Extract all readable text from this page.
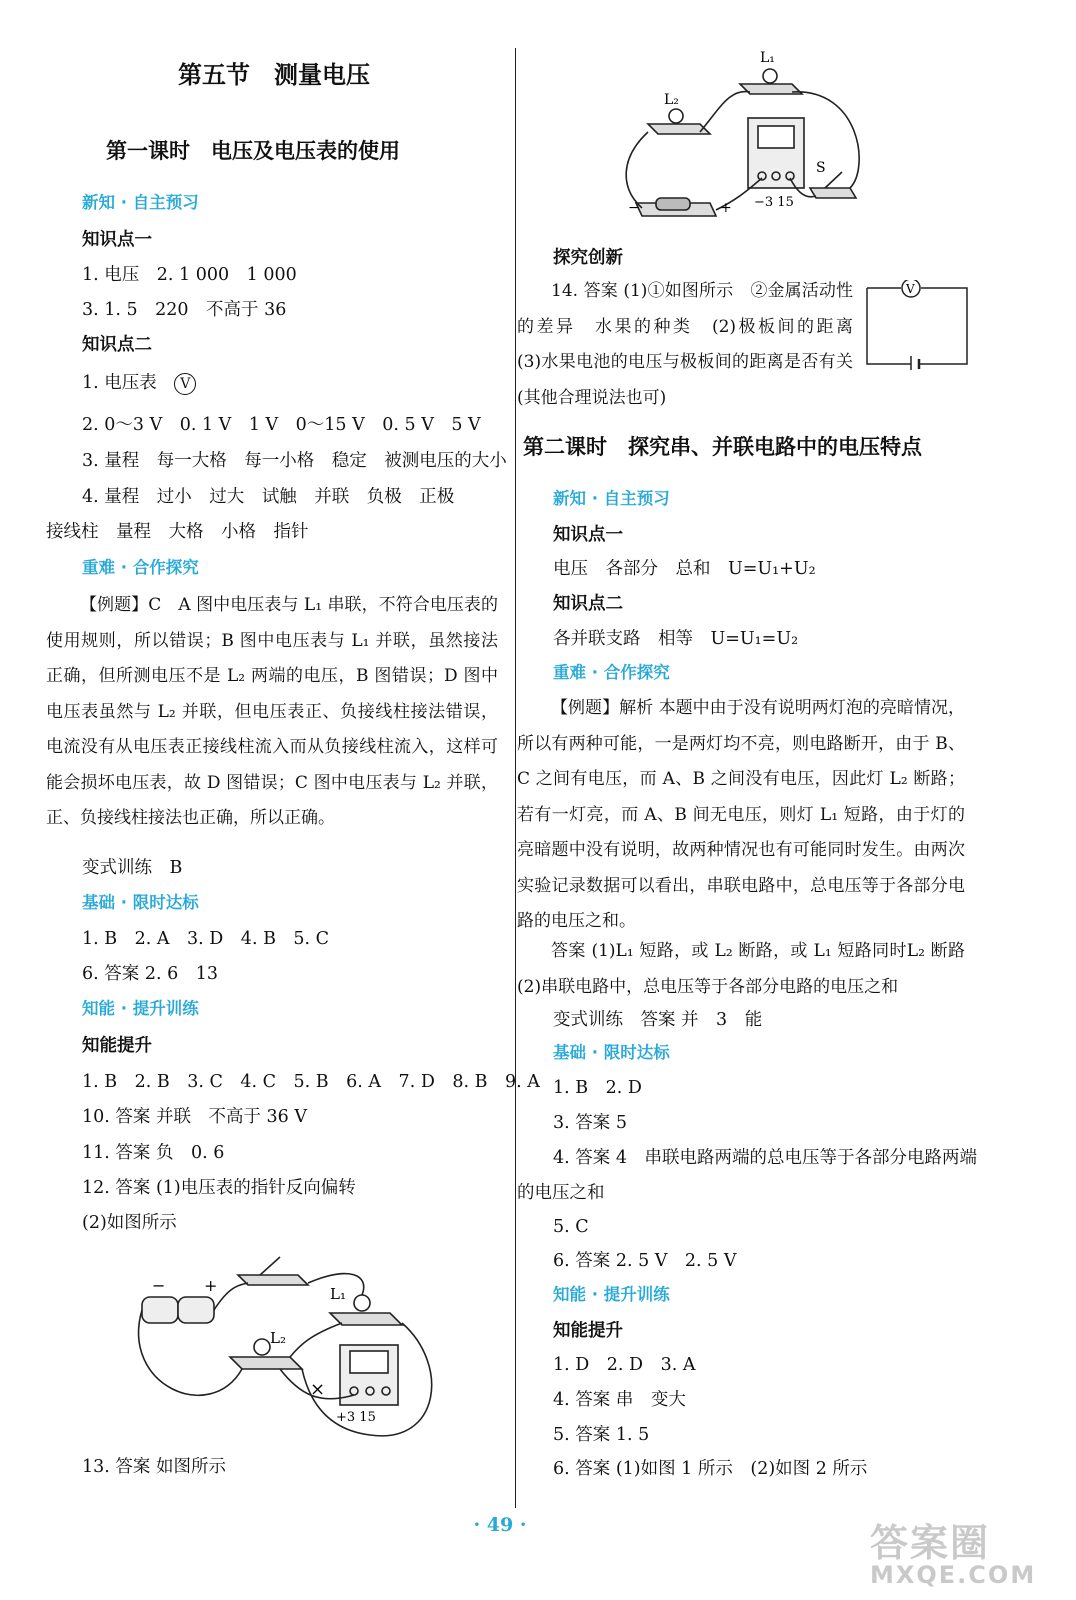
第五节　测量电压
第一课时　电压及电压表的使用
新知 · 自主预习
知识点一
1. 电压　2. 1 000　1 000
3. 1. 5　220　不高于 36
知识点二
1. 电压表　V
2. 0～3 V　0. 1 V　1 V　0～15 V　0. 5 V　5 V
3. 量程　每一大格　每一小格　稳定　被测电压的大小
4. 量程　过小　过大　试触　并联　负极　正极
接线柱　量程　大格　小格　指针
重难 · 合作探究
【例题】C　A 图中电压表与 L₁ 串联，不符合电压表的使用规则，所以错误；B 图中电压表与 L₁ 并联，虽然接法正确，但所测电压不是 L₂ 两端的电压，B 图错误；D 图中电压表虽然与 L₂ 并联，但电压表正、负接线柱接法错误，电流没有从电压表正接线柱流入而从负接线柱流入，这样可能会损坏电压表，故 D 图错误；C 图中电压表与 L₂ 并联，正、负接线柱接法也正确，所以正确。
变式训练　B
基础 · 限时达标
1. B　2. A　3. D　4. B　5. C
6. 答案 2. 6　13
知能 · 提升训练
知能提升
1. B　2. B　3. C　4. C　5. B　6. A　7. D　8. B　9. A
10. 答案 并联　不高于 36 V
11. 答案 负　0. 6
12. 答案 (1)电压表的指针反向偏转
(2)如图所示
− +	L₁
L₂
×
+3 15
13. 答案 如图所示
L₁
L₂
S
−	+ −3 15
探究创新
14. 答案 (1)①如图所示　②金属活动性的差异　水果的种类　(2)极板间的距离　(3)水果电池的电压与极板间的距离是否有关(其他合理说法也可)
V
第二课时　探究串、并联电路中的电压特点
新知 · 自主预习
知识点一
电压　各部分　总和　U=U₁+U₂
知识点二
各并联支路　相等　U=U₁=U₂
重难 · 合作探究
【例题】解析 本题中由于没有说明两灯泡的亮暗情况，所以有两种可能，一是两灯均不亮，则电路断开，由于 B、C 之间有电压，而 A、B 之间没有电压，因此灯 L₂ 断路；若有一灯亮，而 A、B 间无电压，则灯 L₁ 短路，由于灯的亮暗题中没有说明，故两种情况也有可能同时发生。由两次实验记录数据可以看出，串联电路中，总电压等于各部分电路的电压之和。
答案 (1)L₁ 短路，或 L₂ 断路，或 L₁ 短路同时L₂ 断路　(2)串联电路中，总电压等于各部分电路的电压之和
变式训练　答案 并　3　能
基础 · 限时达标
1. B　2. D
3. 答案 5
4. 答案 4　串联电路两端的总电压等于各部分电路两端
的电压之和
5. C
6. 答案 2. 5 V　2. 5 V
知能 · 提升训练
知能提升
1. D　2. D　3. A
4. 答案 串　变大
5. 答案 1. 5
6. 答案 (1)如图 1 所示　(2)如图 2 所示
· 49 ·	答案圈
MXQE.COM
